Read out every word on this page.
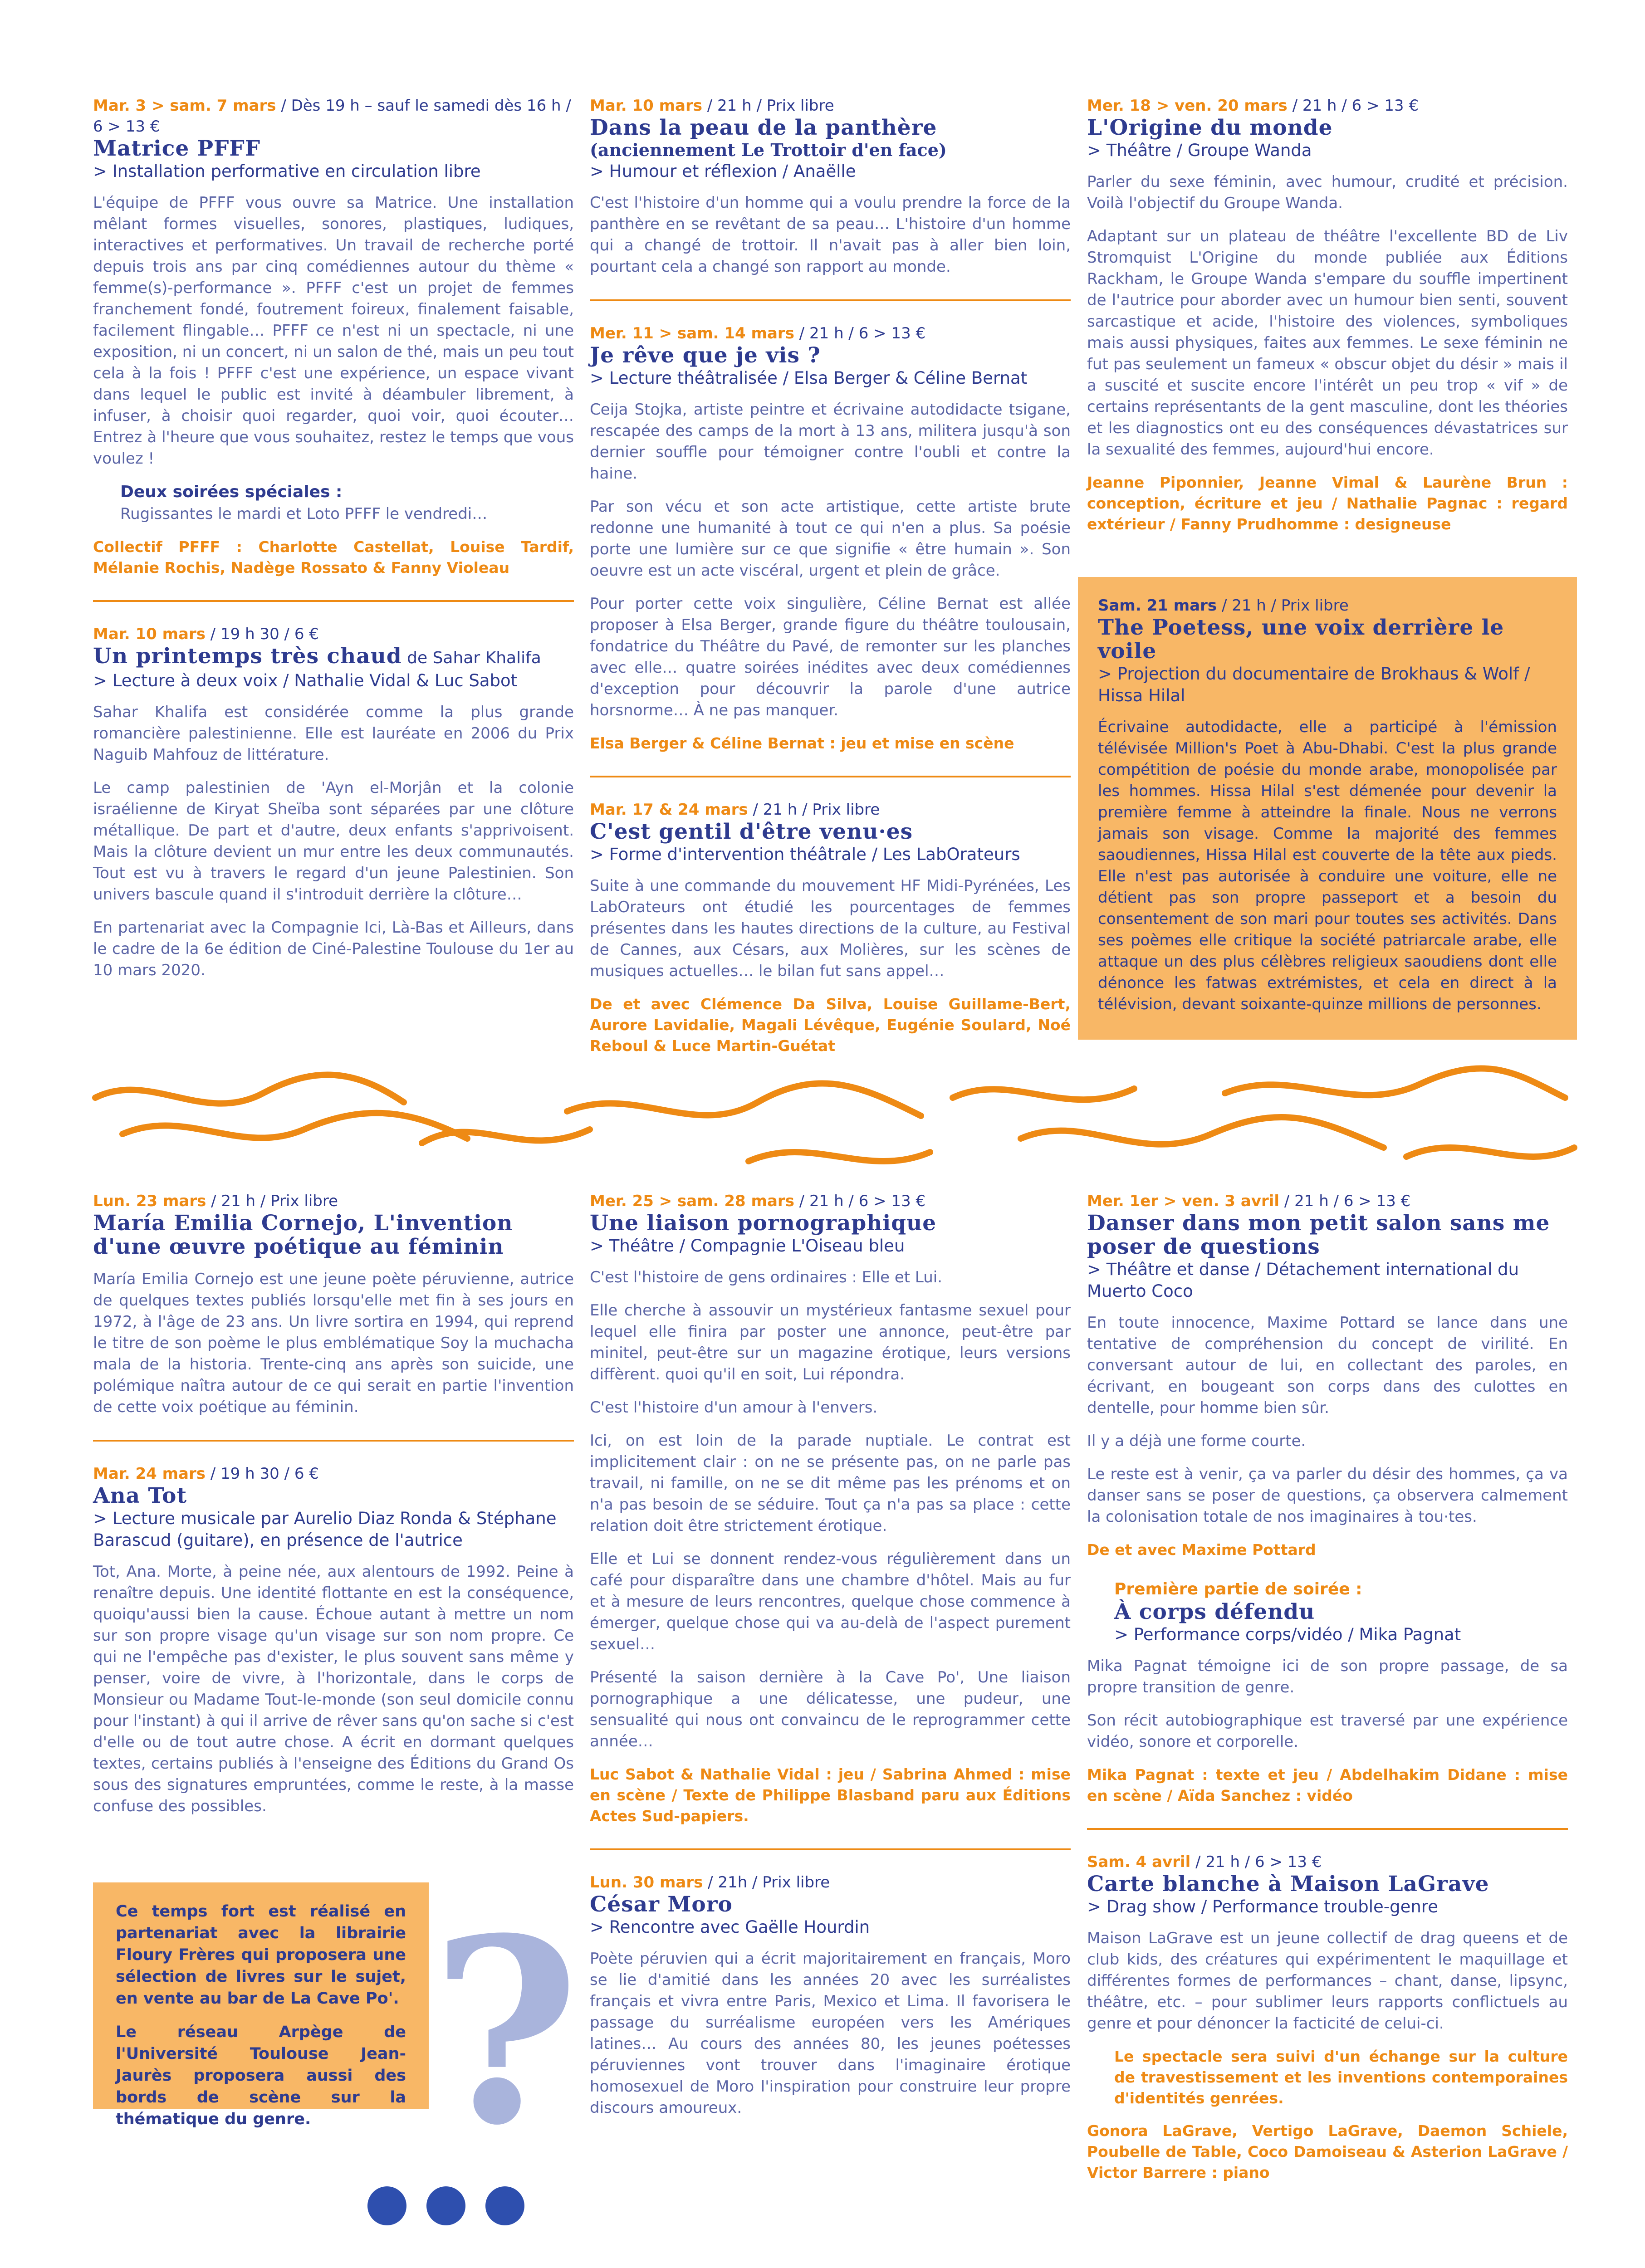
Mar. 3 > sam. 7 mars / Dès 19 h – sauf le samedi dès 16 h / 6 > 13 €
Matrice PFFF
> Installation performative en circulation libre

L'équipe de PFFF vous ouvre sa Matrice. Une installation mêlant formes visuelles, sonores, plastiques, ludiques, interactives et performatives. Un travail de recherche porté depuis trois ans par cinq comédiennes autour du thème « femme(s)-performance ». PFFF c'est un projet de femmes franchement fondé, foutrement foireux, finalement faisable, facilement flingable… PFFF ce n'est ni un spectacle, ni une exposition, ni un concert, ni un salon de thé, mais un peu tout cela à la fois ! PFFF c'est une expérience, un espace vivant dans lequel le public est invité à déambuler librement, à infuser, à choisir quoi regarder, quoi voir, quoi écouter… Entrez à l'heure que vous souhaitez, restez le temps que vous voulez !

Deux soirées spéciales :
Rugissantes le mardi et Loto PFFF le vendredi…
Collectif PFFF : Charlotte Castellat, Louise Tardif, Mélanie Rochis, Nadège Rossato & Fanny Violeau
Mar. 10 mars / 19 h 30 / 6 €
Un printemps très chaud de Sahar Khalifa
> Lecture à deux voix / Nathalie Vidal & Luc Sabot

Sahar Khalifa est considérée comme la plus grande romancière palestinienne. Elle est lauréate en 2006 du Prix Naguib Mahfouz de littérature.

Le camp palestinien de 'Ayn el-Morjân et la colonie israélienne de Kiryat Sheïba sont séparées par une clôture métallique. De part et d'autre, deux enfants s'apprivoisent. Mais la clôture devient un mur entre les deux communautés. Tout est vu à travers le regard d'un jeune Palestinien. Son univers bascule quand il s'introduit derrière la clôture…

En partenariat avec la Compagnie Ici, Là-Bas et Ailleurs, dans le cadre de la 6e édition de Ciné-Palestine Toulouse du 1er au 10 mars 2020.

Lun. 23 mars / 21 h / Prix libre
María Emilia Cornejo, L'invention d'une œuvre poétique au féminin

María Emilia Cornejo est une jeune poète péruvienne, autrice de quelques textes publiés lorsqu'elle met fin à ses jours en 1972, à l'âge de 23 ans. Un livre sortira en 1994, qui reprend le titre de son poème le plus emblématique Soy la muchacha mala de la historia. Trente-cinq ans après son suicide, une polémique naîtra autour de ce qui serait en partie l'invention de cette voix poétique au féminin.

Mar. 24 mars / 19 h 30 / 6 €
Ana Tot
> Lecture musicale par Aurelio Diaz Ronda & Stéphane Barascud (guitare), en présence de l'autrice

Tot, Ana. Morte, à peine née, aux alentours de 1992. Peine à renaître depuis. Une identité flottante en est la conséquence, quoiqu'aussi bien la cause. Échoue autant à mettre un nom sur son propre visage qu'un visage sur son nom propre. Ce qui ne l'empêche pas d'exister, le plus souvent sans même y penser, voire de vivre, à l'horizontale, dans le corps de Monsieur ou Madame Tout-le-monde (son seul domicile connu pour l'instant) à qui il arrive de rêver sans qu'on sache si c'est d'elle ou de tout autre chose. A écrit en dormant quelques textes, certains publiés à l'enseigne des Éditions du Grand Os sous des signatures empruntées, comme le reste, à la masse confuse des possibles.

Mar. 10 mars / 21 h / Prix libre
Dans la peau de la panthère
(anciennement Le Trottoir d'en face)
> Humour et réflexion / Anaëlle

C'est l'histoire d'un homme qui a voulu prendre la force de la panthère en se revêtant de sa peau… L'histoire d'un homme qui a changé de trottoir. Il n'avait pas à aller bien loin, pourtant cela a changé son rapport au monde.

Mer. 11 > sam. 14 mars / 21 h / 6 > 13 €
Je rêve que je vis ?
> Lecture théâtralisée / Elsa Berger & Céline Bernat

Ceija Stojka, artiste peintre et écrivaine autodidacte tsigane, rescapée des camps de la mort à 13 ans, militera jusqu'à son dernier souffle pour témoigner contre l'oubli et contre la haine.

Par son vécu et son acte artistique, cette artiste brute redonne une humanité à tout ce qui n'en a plus. Sa poésie porte une lumière sur ce que signifie « être humain ». Son oeuvre est un acte viscéral, urgent et plein de grâce.

Pour porter cette voix singulière, Céline Bernat est allée proposer à Elsa Berger, grande figure du théâtre toulousain, fondatrice du Théâtre du Pavé, de remonter sur les planches avec elle… quatre soirées inédites avec deux comédiennes d'exception pour découvrir la parole d'une autrice horsnorme… À ne pas manquer.

Elsa Berger & Céline Bernat : jeu et mise en scène
Mar. 17 & 24 mars / 21 h / Prix libre
C'est gentil d'être venu·es
> Forme d'intervention théâtrale / Les LabOrateurs

Suite à une commande du mouvement HF Midi-Pyrénées, Les LabOrateurs ont étudié les pourcentages de femmes présentes dans les hautes directions de la culture, au Festival de Cannes, aux Césars, aux Molières, sur les scènes de musiques actuelles… le bilan fut sans appel…

De et avec Clémence Da Silva, Louise Guillame-Bert, Aurore Lavidalie, Magali Lévêque, Eugénie Soulard, Noé Reboul & Luce Martin-Guétat
Mer. 25 > sam. 28 mars / 21 h / 6 > 13 €
Une liaison pornographique
> Théâtre / Compagnie L'Oiseau bleu

C'est l'histoire de gens ordinaires : Elle et Lui.

Elle cherche à assouvir un mystérieux fantasme sexuel pour lequel elle finira par poster une annonce, peut-être par minitel, peut-être sur un magazine érotique, leurs versions diffèrent. quoi qu'il en soit, Lui répondra.

C'est l'histoire d'un amour à l'envers.

Ici, on est loin de la parade nuptiale. Le contrat est implicitement clair : on ne se présente pas, on ne parle pas travail, ni famille, on ne se dit même pas les prénoms et on n'a pas besoin de se séduire. Tout ça n'a pas sa place : cette relation doit être strictement érotique.

Elle et Lui se donnent rendez-vous régulièrement dans un café pour disparaître dans une chambre d'hôtel. Mais au fur et à mesure de leurs rencontres, quelque chose commence à émerger, quelque chose qui va au-delà de l'aspect purement sexuel…

Présenté la saison dernière à la Cave Po', Une liaison pornographique a une délicatesse, une pudeur, une sensualité qui nous ont convaincu de le reprogrammer cette année…

Luc Sabot & Nathalie Vidal : jeu / Sabrina Ahmed : mise en scène / Texte de Philippe Blasband paru aux Éditions Actes Sud-papiers.
Lun. 30 mars / 21h / Prix libre
César Moro
> Rencontre avec Gaëlle Hourdin

Poète péruvien qui a écrit majoritairement en français, Moro se lie d'amitié dans les années 20 avec les surréalistes français et vivra entre Paris, Mexico et Lima. Il favorisera le passage du surréalisme européen vers les Amériques latines… Au cours des années 80, les jeunes poétesses péruviennes vont trouver dans l'imaginaire érotique homosexuel de Moro l'inspiration pour construire leur propre discours amoureux.

Mer. 18 > ven. 20 mars / 21 h / 6 > 13 €
L'Origine du monde
> Théâtre / Groupe Wanda

Parler du sexe féminin, avec humour, crudité et précision. Voilà l'objectif du Groupe Wanda.

Adaptant sur un plateau de théâtre l'excellente BD de Liv Stromquist L'Origine du monde publiée aux Éditions Rackham, le Groupe Wanda s'empare du souffle impertinent de l'autrice pour aborder avec un humour bien senti, souvent sarcastique et acide, l'histoire des violences, symboliques mais aussi physiques, faites aux femmes. Le sexe féminin ne fut pas seulement un fameux « obscur objet du désir » mais il a suscité et suscite encore l'intérêt un peu trop « vif » de certains représentants de la gent masculine, dont les théories et les diagnostics ont eu des conséquences dévastatrices sur la sexualité des femmes, aujourd'hui encore.

Jeanne Piponnier, Jeanne Vimal & Laurène Brun : conception, écriture et jeu / Nathalie Pagnac : regard extérieur / Fanny Prudhomme : designeuse
Sam. 21 mars / 21 h / Prix libre
The Poetess, une voix derrière le voile
> Projection du documentaire de Brokhaus & Wolf / Hissa Hilal

Écrivaine autodidacte, elle a participé à l'émission télévisée Million's Poet à Abu-Dhabi. C'est la plus grande compétition de poésie du monde arabe, monopolisée par les hommes. Hissa Hilal s'est démenée pour devenir la première femme à atteindre la finale. Nous ne verrons jamais son visage. Comme la majorité des femmes saoudiennes, Hissa Hilal est couverte de la tête aux pieds. Elle n'est pas autorisée à conduire une voiture, elle ne détient pas son propre passeport et a besoin du consentement de son mari pour toutes ses activités. Dans ses poèmes elle critique la société patriarcale arabe, elle attaque un des plus célèbres religieux saoudiens dont elle dénonce les fatwas extrémistes, et cela en direct à la télévision, devant soixante-quinze millions de personnes.

Mer. 1er > ven. 3 avril / 21 h / 6 > 13 €
Danser dans mon petit salon sans me poser de questions
> Théâtre et danse / Détachement international du Muerto Coco

En toute innocence, Maxime Pottard se lance dans une tentative de compréhension du concept de virilité. En conversant autour de lui, en collectant des paroles, en écrivant, en bougeant son corps dans des culottes en dentelle, pour homme bien sûr.

Il y a déjà une forme courte.

Le reste est à venir, ça va parler du désir des hommes, ça va danser sans se poser de questions, ça observera calmement la colonisation totale de nos imaginaires à tou·tes.

De et avec Maxime Pottard
Première partie de soirée :
À corps défendu
> Performance corps/vidéo / Mika Pagnat

Mika Pagnat témoigne ici de son propre passage, de sa propre transition de genre.

Son récit autobiographique est traversé par une expérience vidéo, sonore et corporelle.

Mika Pagnat : texte et jeu / Abdelhakim Didane : mise en scène / Aïda Sanchez : vidéo
Sam. 4 avril / 21 h / 6 > 13 €
Carte blanche à Maison LaGrave
> Drag show / Performance trouble-genre

Maison LaGrave est un jeune collectif de drag queens et de club kids, des créatures qui expérimentent le maquillage et différentes formes de performances – chant, danse, lipsync, théâtre, etc. – pour sublimer leurs rapports conflictuels au genre et pour dénoncer la facticité de celui-ci.

Le spectacle sera suivi d'un échange sur la culture de travestissement et les inventions contemporaines d'identités genrées.
Gonora LaGrave, Vertigo LaGrave, Daemon Schiele, Poubelle de Table, Coco Damoiseau & Asterion LaGrave / Victor Barrere : piano

Ce temps fort est réalisé en partenariat avec la librairie Floury Frères qui proposera une sélection de livres sur le sujet, en vente au bar de La Cave Po'.

Le réseau Arpège de l'Université Toulouse Jean-Jaurès proposera aussi des bords de scène sur la thématique du genre. ?
